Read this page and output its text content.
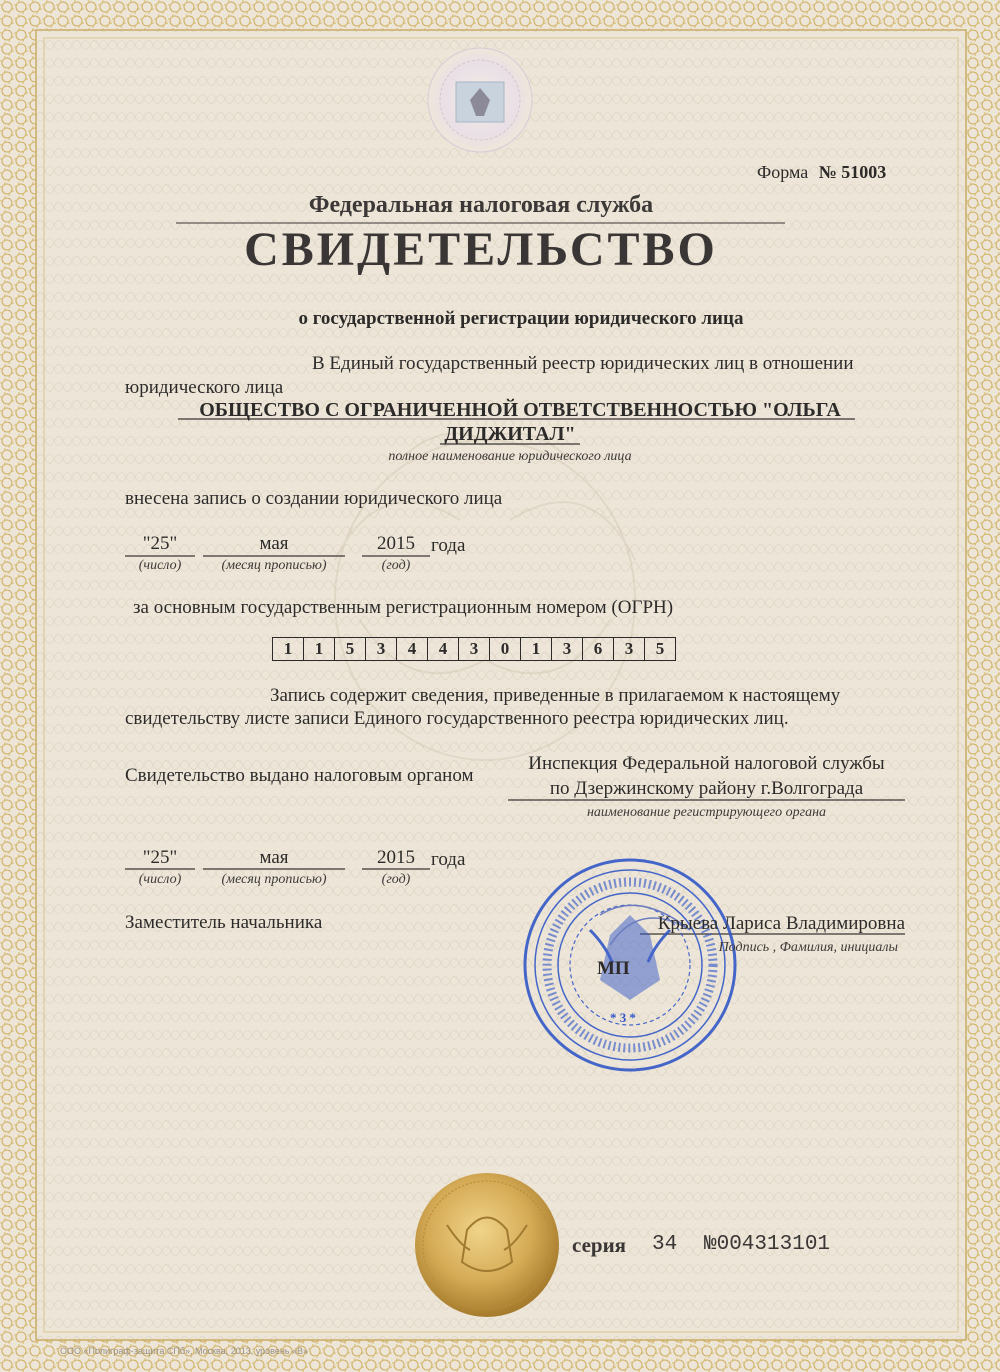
Форма № 51003
Федеральная налоговая служба
СВИДЕТЕЛЬСТВО
о государственной регистрации юридического лица
В Единый государственный реестр юридических лиц в отношении
юридического лица
ОБЩЕСТВО С ОГРАНИЧЕННОЙ ОТВЕТСТВЕННОСТЬЮ "ОЛЬГА
ДИДЖИТАЛ"
полное наименование юридического лица
внесена запись о создании юридического лица
"25"	мая	2015 года
(число)	(месяц прописью)	(год)
за основным государственным регистрационным номером (ОГРН)
1	1	5	3	4	4	3	0	1	3	6	3	5
Запись содержит сведения, приведенные в прилагаемом к настоящему
свидетельству листе записи Единого государственного реестра юридических лиц.
Свидетельство выдано налоговым органом
Инспекция Федеральной налоговой службы
по Дзержинскому району г.Волгограда
наименование регистрирующего органа
"25"	мая	2015 года
(число)	(месяц прописью)	(год)
Заместитель начальника	Крыева Лариса Владимировна
Подпись , Фамилия, инициалы
МП
* 3 *
серия 34 №004313101
ООО «Полиграф-защита СПб», Москва, 2013, уровень «В»
